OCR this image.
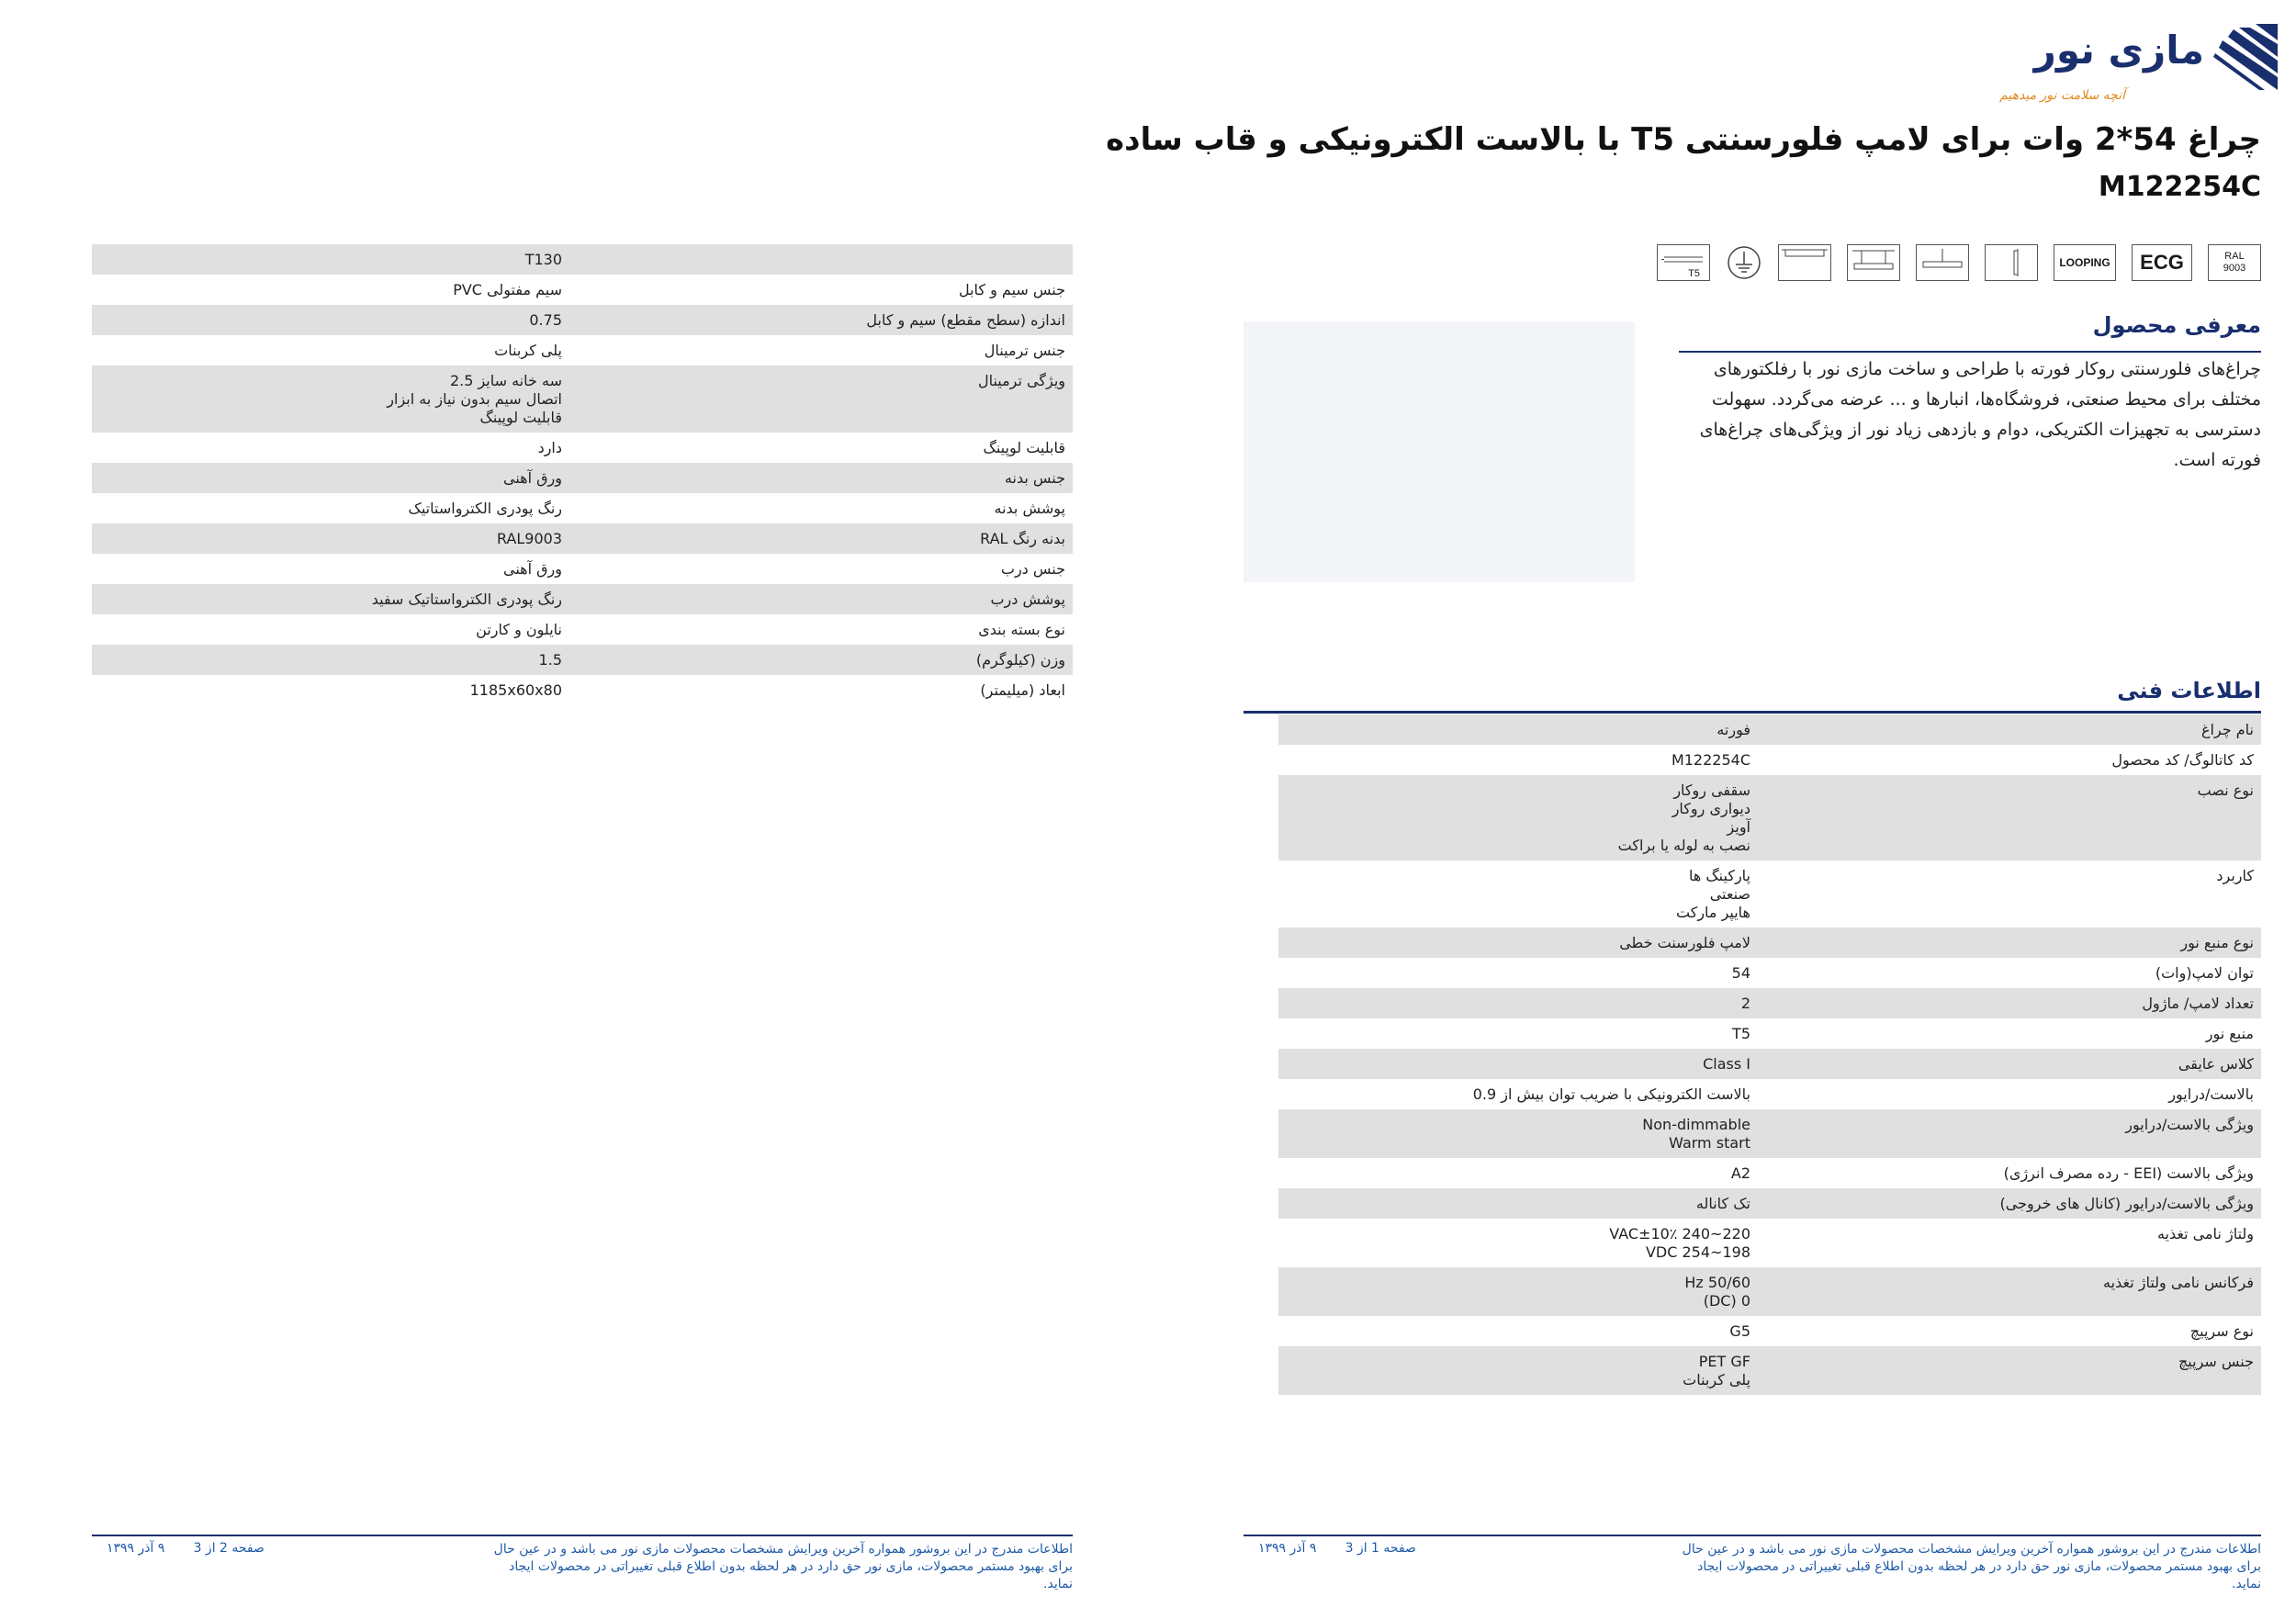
مازی نور
آنچه سلامت نور میدهیم
چراغ 54*2 وات برای لامپ فلورسنتی T5 با بالاست الکترونیکی و قاب ساده
M122254C
RAL
9003
ECG
LOOPING
T5
معرفی محصول
چراغ‌های فلورسنتی روکار فورته با طراحی و ساخت مازی نور با رفلکتورهای مختلف برای محیط صنعتی، فروشگاه‌ها، انبارها و ... عرضه می‌گردد. سهولت دسترسی به تجهیزات الکتریکی، دوام و بازدهی زیاد نور از ویژگی‌های چراغ‌های فورته است.
اطلاعات فنی
نام چراغ	فورته
کد کاتالوگ/ کد محصول	M122254C
نوع نصب	سقفی روکار
دیواری روکار
آویز
نصب به لوله یا براکت
کاربرد	پارکینگ ها
صنعتی
هایپر مارکت
نوع منبع نور	لامپ فلورسنت خطی
توان لامپ(وات)	54
تعداد لامپ/ ماژول	2
منبع نور	T5
کلاس عایقی	Class I
بالاست/درایور	بالاست الکترونیکی با ضریب توان بیش از 0.9
ویژگی بالاست/درایور	Non-dimmable
Warm start
ویژگی بالاست (EEI - رده مصرف انرژی)	A2
ویژگی بالاست/درایور (کانال های خروجی)	تک کاناله
ولتاژ نامی تغذیه	220~240 VAC±10٪
198~254 VDC
فرکانس نامی ولتاژ تغذیه	50/60 Hz
0 (DC)
نوع سرپیچ	G5
جنس سرپیچ	PET GF
پلی کربنات
اطلاعات مندرج در این بروشور همواره آخرین ویرایش مشخصات محصولات مازی نور می باشد و در عین حال برای بهبود مستمر محصولات، مازی نور حق دارد در هر لحظه بدون اطلاع قبلی تغییراتی در محصولات ایجاد نماید.
صفحه 1 از 3       ۹ آذر ۱۳۹۹
	T130
جنس سیم و کابل	سیم مفتولی PVC
اندازه (سطح مقطع) سیم و کابل	0.75
جنس ترمینال	پلی کربنات
ویژگی ترمینال	سه خانه سایز 2.5
اتصال سیم بدون نیاز به ابزار
قابلیت لوپینگ
قابلیت لوپینگ	دارد
جنس بدنه	ورق آهنی
پوشش بدنه	رنگ پودری الکترواستاتیک
بدنه رنگ RAL	RAL9003
جنس درب	ورق آهنی
پوشش درب	رنگ پودری الکترواستاتیک سفید
نوع بسته بندی	نایلون و کارتن
وزن (کیلوگرم)	1.5
ابعاد (میلیمتر)	1185x60x80
اطلاعات مندرج در این بروشور همواره آخرین ویرایش مشخصات محصولات مازی نور می باشد و در عین حال برای بهبود مستمر محصولات، مازی نور حق دارد در هر لحظه بدون اطلاع قبلی تغییراتی در محصولات ایجاد نماید.
صفحه 2 از 3       ۹ آذر ۱۳۹۹
